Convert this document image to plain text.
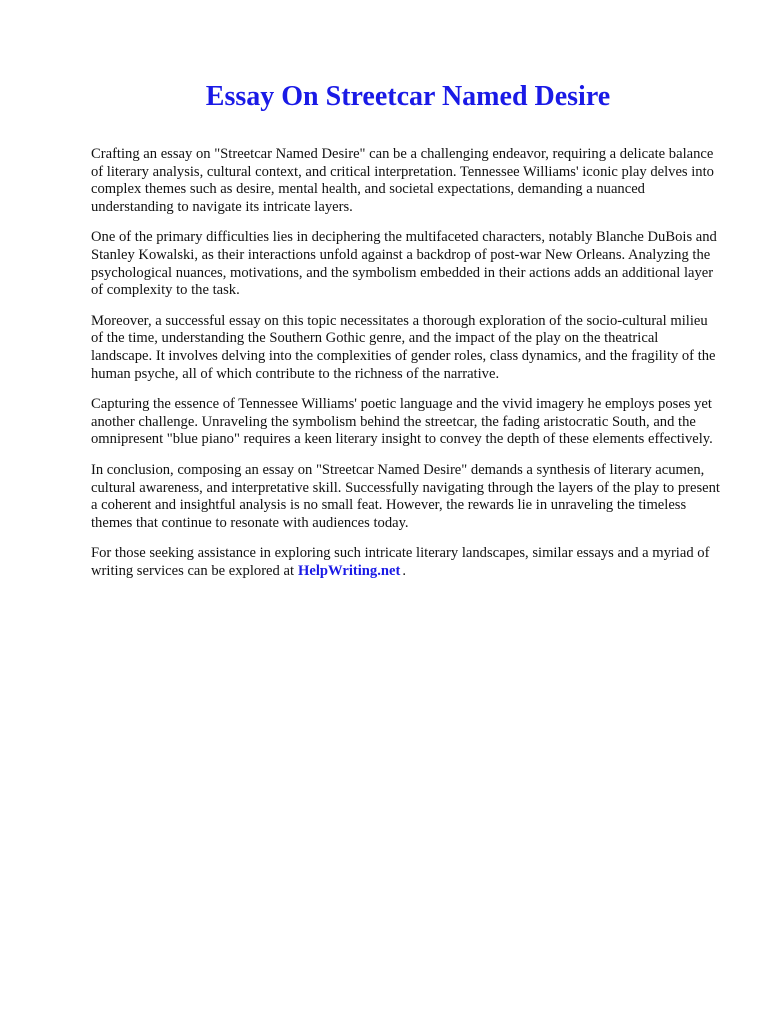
Essay On Streetcar Named Desire

Crafting an essay on "Streetcar Named Desire" can be a challenging endeavor, requiring a delicate balance of literary analysis, cultural context, and critical interpretation. Tennessee Williams' iconic play delves into complex themes such as desire, mental health, and societal expectations, demanding a nuanced understanding to navigate its intricate layers.

One of the primary difficulties lies in deciphering the multifaceted characters, notably Blanche DuBois and Stanley Kowalski, as their interactions unfold against a backdrop of post-war New Orleans. Analyzing the psychological nuances, motivations, and the symbolism embedded in their actions adds an additional layer of complexity to the task.

Moreover, a successful essay on this topic necessitates a thorough exploration of the socio-cultural milieu of the time, understanding the Southern Gothic genre, and the impact of the play on the theatrical landscape. It involves delving into the complexities of gender roles, class dynamics, and the fragility of the human psyche, all of which contribute to the richness of the narrative.

Capturing the essence of Tennessee Williams' poetic language and the vivid imagery he employs poses yet another challenge. Unraveling the symbolism behind the streetcar, the fading aristocratic South, and the omnipresent "blue piano" requires a keen literary insight to convey the depth of these elements effectively.

In conclusion, composing an essay on "Streetcar Named Desire" demands a synthesis of literary acumen, cultural awareness, and interpretative skill. Successfully navigating through the layers of the play to present a coherent and insightful analysis is no small feat. However, the rewards lie in unraveling the timeless themes that continue to resonate with audiences today.

For those seeking assistance in exploring such intricate literary landscapes, similar essays and a myriad of writing services can be explored at HelpWriting.net .
